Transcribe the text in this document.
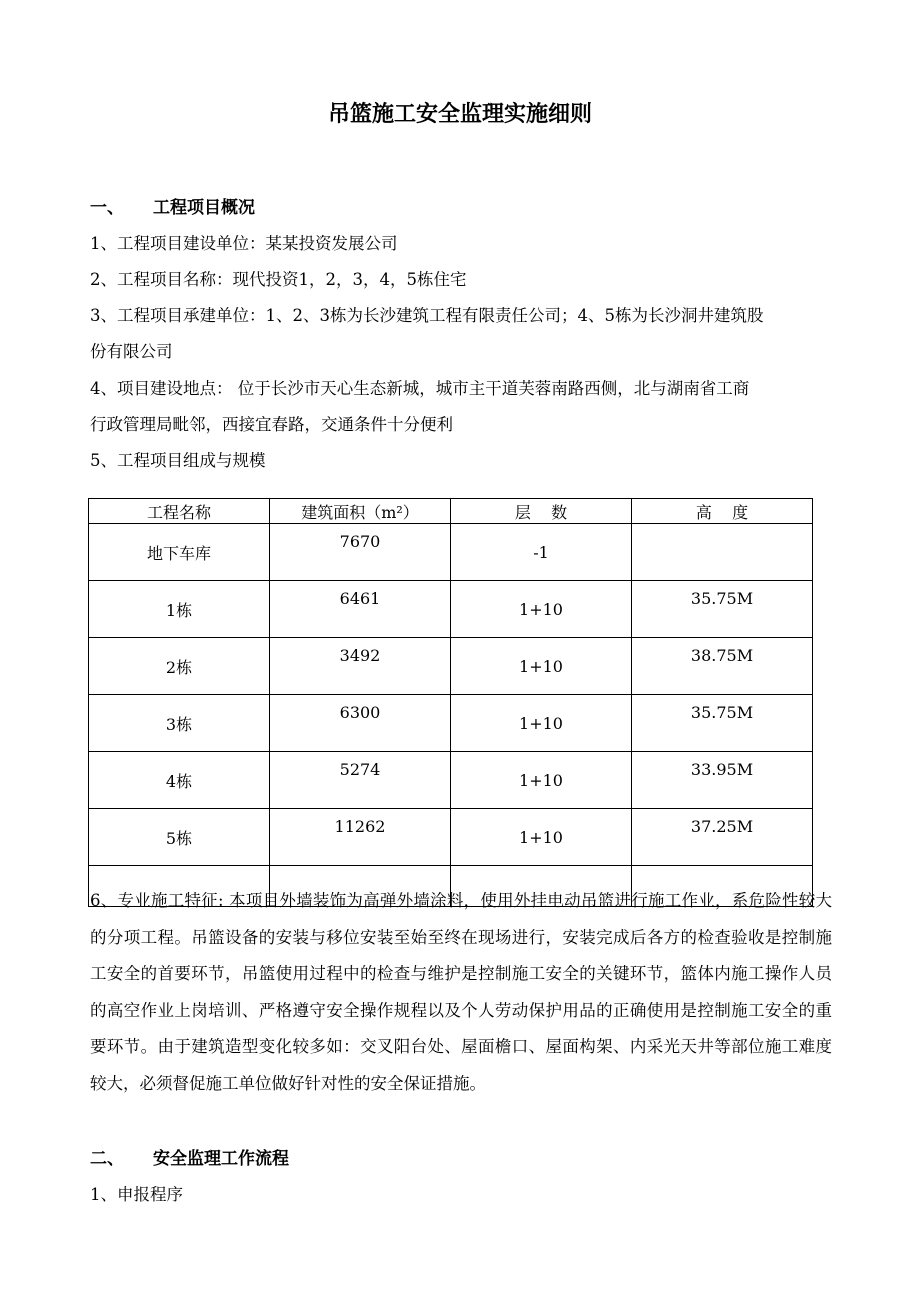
吊篮施工安全监理实施细则
一、 工程项目概况
1、工程项目建设单位：某某投资发展公司
2、工程项目名称：现代投资1，2，3，4，5栋住宅
3、工程项目承建单位：1、2、3栋为长沙建筑工程有限责任公司；4、5栋为长沙洞井建筑股
份有限公司
4、项目建设地点： 位于长沙市天心生态新城，城市主干道芙蓉南路西侧，北与湖南省工商
行政管理局毗邻，西接宜春路，交通条件十分便利
5、工程项目组成与规模
工程名称	建筑面积（m²）	层    数	高    度
地下车库	7670	-1	
1栋	6461	1+10	35.75M
2栋	3492	1+10	38.75M
3栋	6300	1+10	35.75M
4栋	5274	1+10	33.95M
5栋	11262	1+10	37.25M

6、专业施工特征: 本项目外墙装饰为高弹外墙涂料，使用外挂电动吊篮进行施工作业，系危险性较大的分项工程。吊篮设备的安装与移位安装至始至终在现场进行，安装完成后各方的检查验收是控制施工安全的首要环节，吊篮使用过程中的检查与维护是控制施工安全的关键环节，篮体内施工操作人员的高空作业上岗培训、严格遵守安全操作规程以及个人劳动保护用品的正确使用是控制施工安全的重要环节。由于建筑造型变化较多如：交叉阳台处、屋面檐口、屋面构架、内采光天井等部位施工难度较大，必须督促施工单位做好针对性的安全保证措施。
二、 安全监理工作流程
1、申报程序
